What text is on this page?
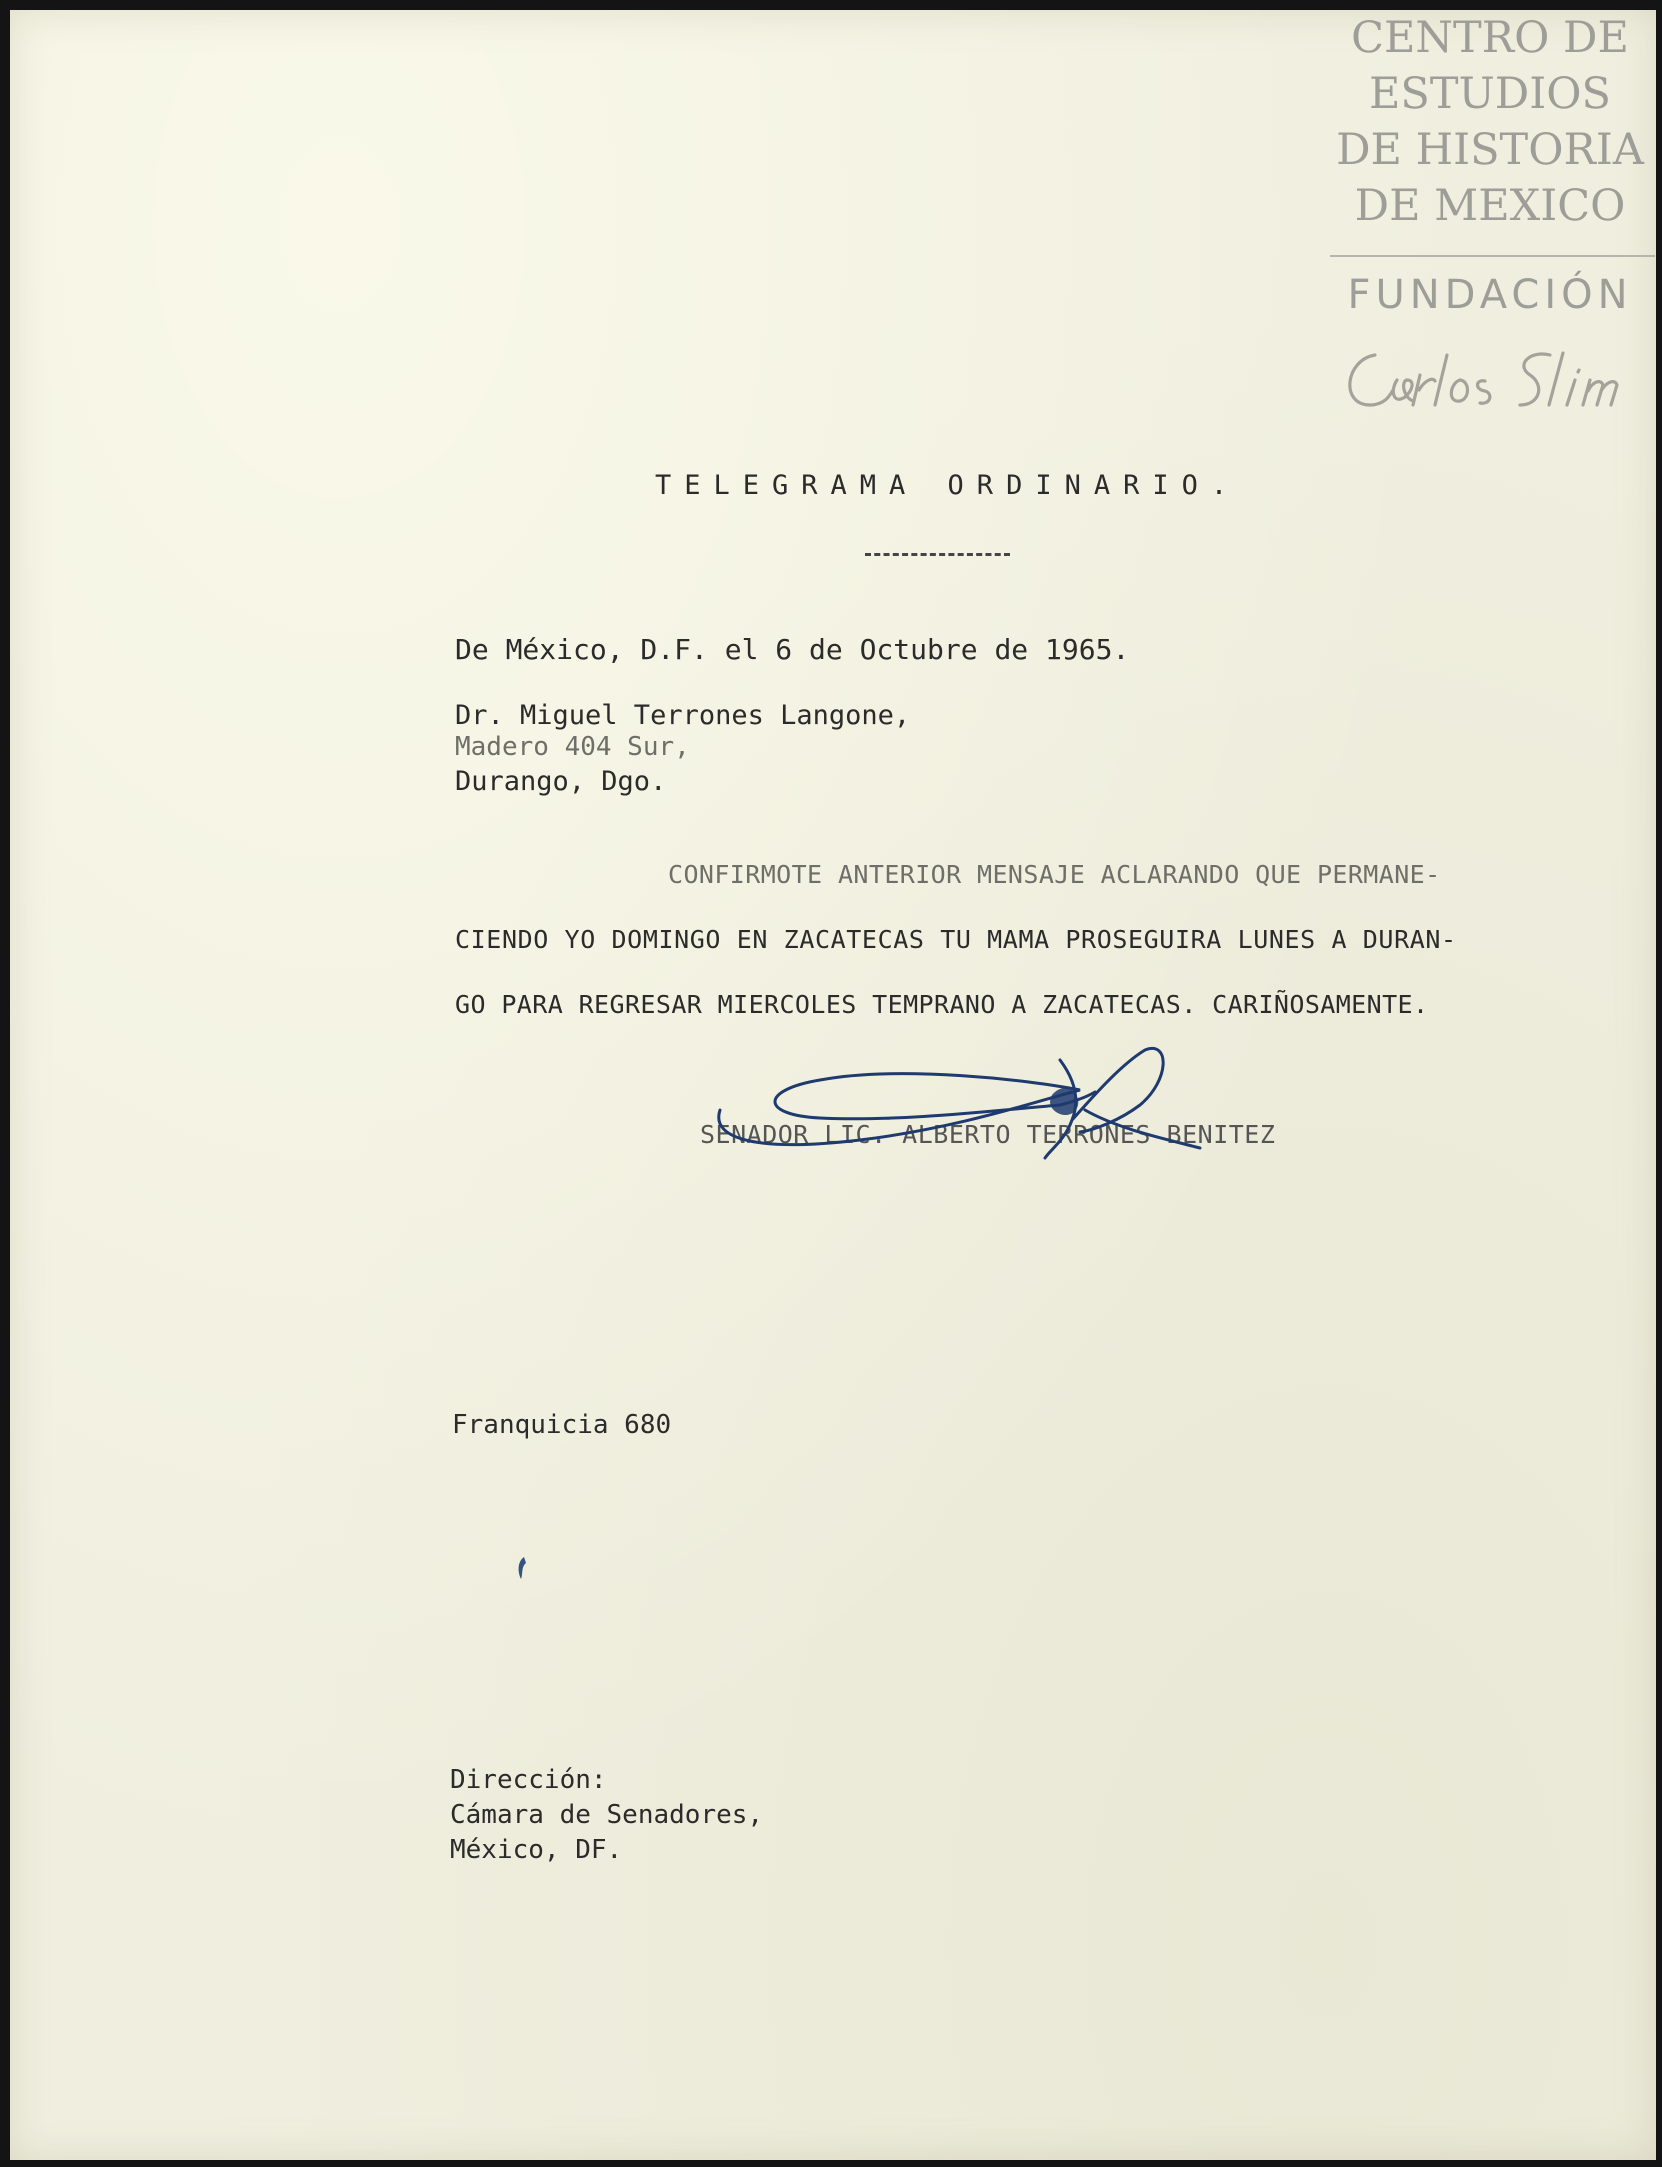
CENTRO DE
ESTUDIOS
DE HISTORIA
DE MEXICO
FUNDACIÓN
TELEGRAMA ORDINARIO.
De México, D.F. el 6 de Octubre de 1965.
Dr. Miguel Terrones Langone,
Madero 404 Sur,
Durango, Dgo.
CONFIRMOTE ANTERIOR MENSAJE ACLARANDO QUE PERMANE-
CIENDO YO DOMINGO EN ZACATECAS TU MAMA PROSEGUIRA LUNES A DURAN-
GO PARA REGRESAR MIERCOLES TEMPRANO A ZACATECAS. CARIÑOSAMENTE.
SENADOR LIC. ALBERTO TERRONES BENITEZ
Franquicia 680
Dirección:
Cámara de Senadores,
México, DF.
